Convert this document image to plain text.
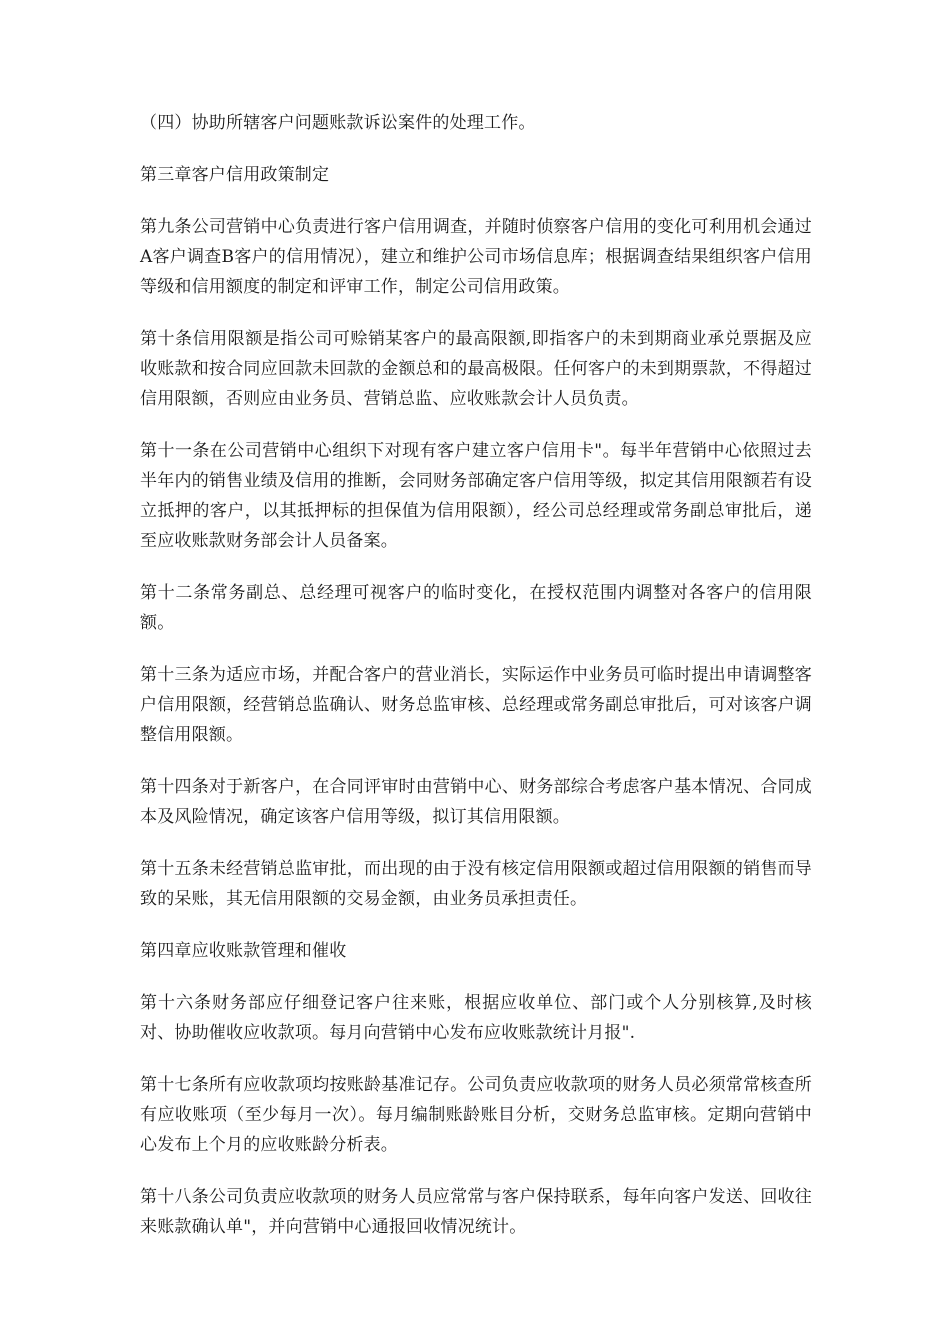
（四）协助所辖客户问题账款诉讼案件的处理工作。

第三章客户信用政策制定

第九条公司营销中心负责进行客户信用调查，并随时侦察客户信用的变化可利用机会通过A客户调查B客户的信用情况），建立和维护公司市场信息库；根据调查结果组织客户信用等级和信用额度的制定和评审工作，制定公司信用政策。

第十条信用限额是指公司可赊销某客户的最高限额,即指客户的未到期商业承兑票据及应收账款和按合同应回款未回款的金额总和的最高极限。任何客户的未到期票款，不得超过信用限额，否则应由业务员、营销总监、应收账款会计人员负责。

第十一条在公司营销中心组织下对现有客户建立客户信用卡"。每半年营销中心依照过去半年内的销售业绩及信用的推断，会同财务部确定客户信用等级，拟定其信用限额若有设立抵押的客户，以其抵押标的担保值为信用限额），经公司总经理或常务副总审批后，递至应收账款财务部会计人员备案。

第十二条常务副总、总经理可视客户的临时变化，在授权范围内调整对各客户的信用限额。

第十三条为适应市场，并配合客户的营业消长，实际运作中业务员可临时提出申请调整客户信用限额，经营销总监确认、财务总监审核、总经理或常务副总审批后，可对该客户调整信用限额。

第十四条对于新客户，在合同评审时由营销中心、财务部综合考虑客户基本情况、合同成本及风险情况，确定该客户信用等级，拟订其信用限额。

第十五条未经营销总监审批，而出现的由于没有核定信用限额或超过信用限额的销售而导致的呆账，其无信用限额的交易金额，由业务员承担责任。

第四章应收账款管理和催收

第十六条财务部应仔细登记客户往来账，根据应收单位、部门或个人分别核算,及时核对、协助催收应收款项。每月向营销中心发布应收账款统计月报".

第十七条所有应收款项均按账龄基准记存。公司负责应收款项的财务人员必须常常核查所有应收账项（至少每月一次）。每月编制账龄账目分析，交财务总监审核。定期向营销中心发布上个月的应收账龄分析表。

第十八条公司负责应收款项的财务人员应常常与客户保持联系，每年向客户发送、回收往来账款确认单"，并向营销中心通报回收情况统计。
